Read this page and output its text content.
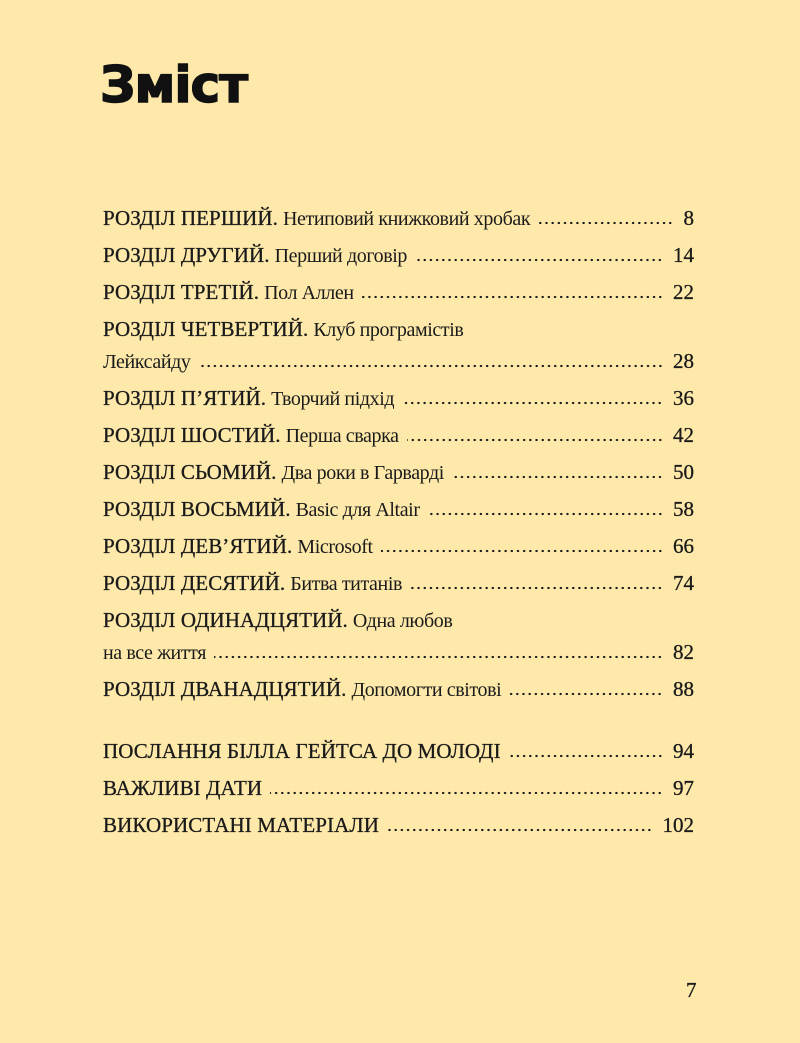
Зміст
РОЗДІЛ ПЕРШИЙ. Нетиповий книжковий хробак	8
РОЗДІЛ ДРУГИЙ. Перший договір	14
РОЗДІЛ ТРЕТІЙ. Пол Аллен	22
РОЗДІЛ ЧЕТВЕРТИЙ. Клуб програмістів
Лейксайду	28
РОЗДІЛ П’ЯТИЙ. Творчий підхід	36
РОЗДІЛ ШОСТИЙ. Перша сварка	42
РОЗДІЛ СЬОМИЙ. Два роки в Гарварді	50
РОЗДІЛ ВОСЬМИЙ. Basic для Altair	58
РОЗДІЛ ДЕВ’ЯТИЙ. Microsoft	66
РОЗДІЛ ДЕСЯТИЙ. Битва титанів	74
РОЗДІЛ ОДИНАДЦЯТИЙ. Одна любов
на все життя	82
РОЗДІЛ ДВАНАДЦЯТИЙ. Допомогти світові	88
ПОСЛАННЯ БІЛЛА ГЕЙТСА ДО МОЛОДІ	94
ВАЖЛИВІ ДАТИ	97
ВИКОРИСТАНІ МАТЕРІАЛИ	102
7
